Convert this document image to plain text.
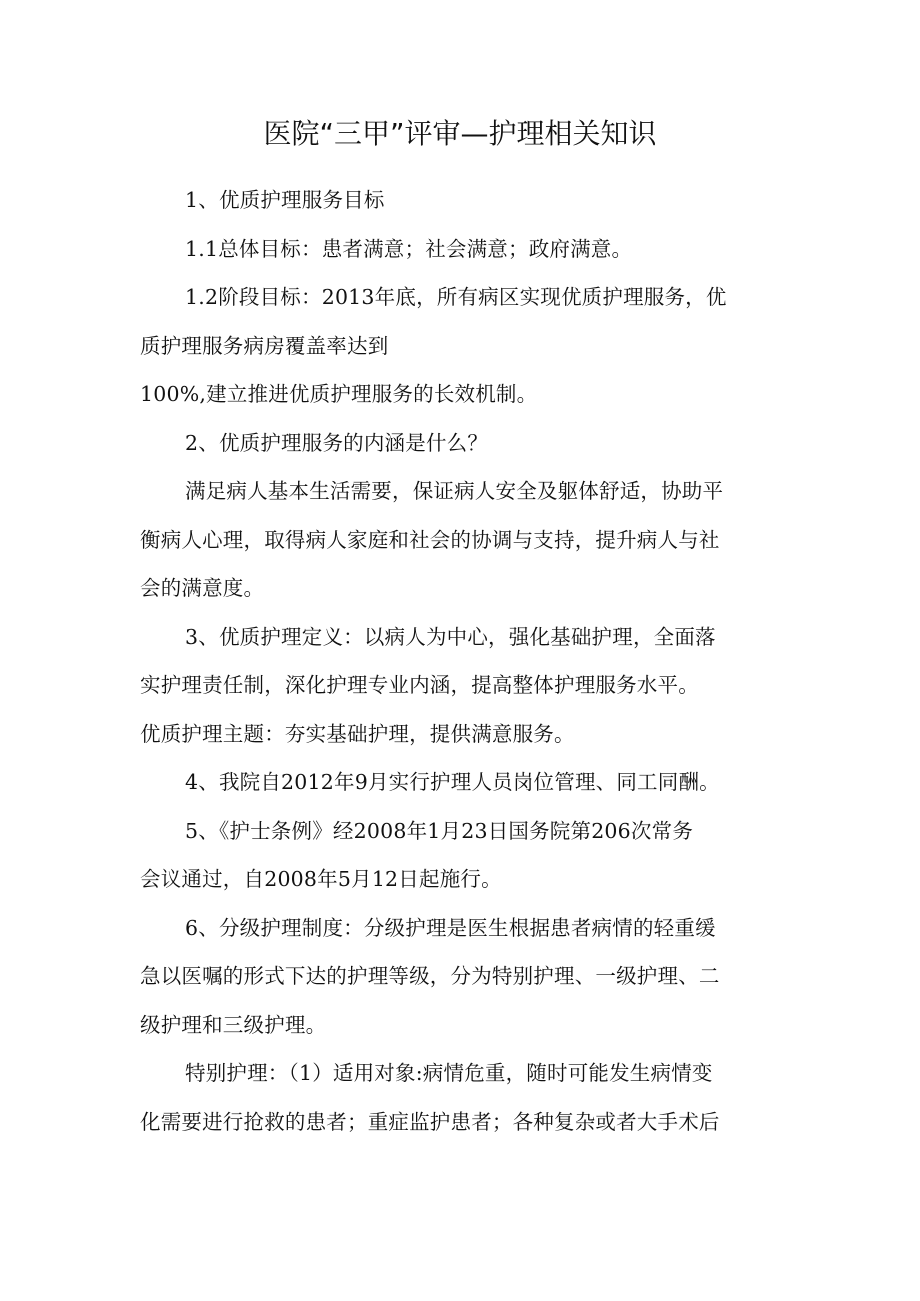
医院“三甲”评审—护理相关知识
1、优质护理服务目标
1.1总体目标：患者满意；社会满意；政府满意。
1.2阶段目标：2013年底，所有病区实现优质护理服务，优
质护理服务病房覆盖率达到
100%,建立推进优质护理服务的长效机制。
2、优质护理服务的内涵是什么？
满足病人基本生活需要，保证病人安全及躯体舒适，协助平
衡病人心理，取得病人家庭和社会的协调与支持，提升病人与社
会的满意度。
3、优质护理定义：以病人为中心，强化基础护理，全面落
实护理责任制，深化护理专业内涵，提高整体护理服务水平。
优质护理主题：夯实基础护理，提供满意服务。
4、我院自2012年9月实行护理人员岗位管理、同工同酬。
5、《护士条例》经2008年1月23日国务院第206次常务
会议通过，自2008年5月12日起施行。
6、分级护理制度：分级护理是医生根据患者病情的轻重缓
急以医嘱的形式下达的护理等级，分为特别护理、一级护理、二
级护理和三级护理。
特别护理：（1）适用对象:病情危重，随时可能发生病情变
化需要进行抢救的患者；重症监护患者；各种复杂或者大手术后
